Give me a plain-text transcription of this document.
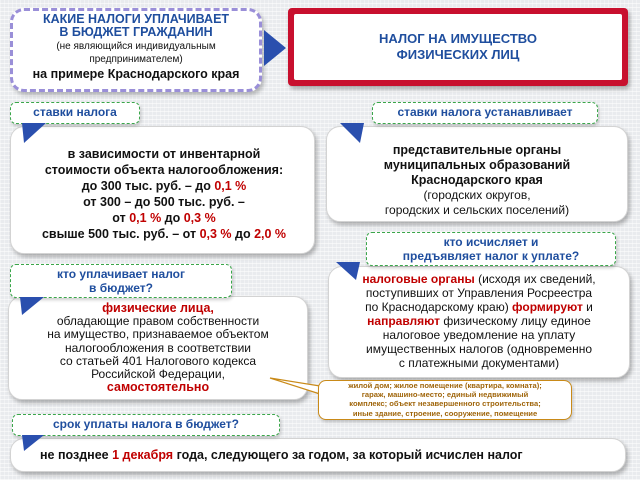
КАКИЕ НАЛОГИ УПЛАЧИВАЕТ
В БЮДЖЕТ ГРАЖДАНИН
(не являющийся индивидуальным
предпринимателем)
на примере Краснодарского края
НАЛОГ НА ИМУЩЕСТВО
ФИЗИЧЕСКИХ ЛИЦ
в зависимости от инвентарной
стоимости объекта налогообложения:
до 300 тыс. руб. – до 0,1 %
от 300 – до 500 тыс. руб. –
от 0,1 % до 0,3 %
свыше 500 тыс. руб. – от 0,3 % до 2,0 %
ставки налога
представительные органы
муниципальных образований
Краснодарского края
(городских округов,
городских и сельских поселений)
ставки налога устанавливает
физические лица,
обладающие правом собственности
на имущество, признаваемое объектом
налогообложения в соответствии
со статьей 401 Налогового кодекса
Российской Федерации,
самостоятельно
кто уплачивает налог
в бюджет?
налоговые органы (исходя их сведений,
поступивших от Управления Росреестра
по Краснодарскому краю) формируют и
направляют физическому лицу единое
налоговое уведомление на уплату
имущественных налогов (одновременно
с платежными документами)
кто исчисляет и
предъявляет налог к уплате?
жилой дом; жилое помещение (квартира, комната);
гараж, машино-место; единый недвижимый
комплекс; объект незавершенного строительства;
иные здание, строение, сооружение, помещение
не позднее 1 декабря года, следующего за годом, за который исчислен налог
срок уплаты налога в бюджет?
